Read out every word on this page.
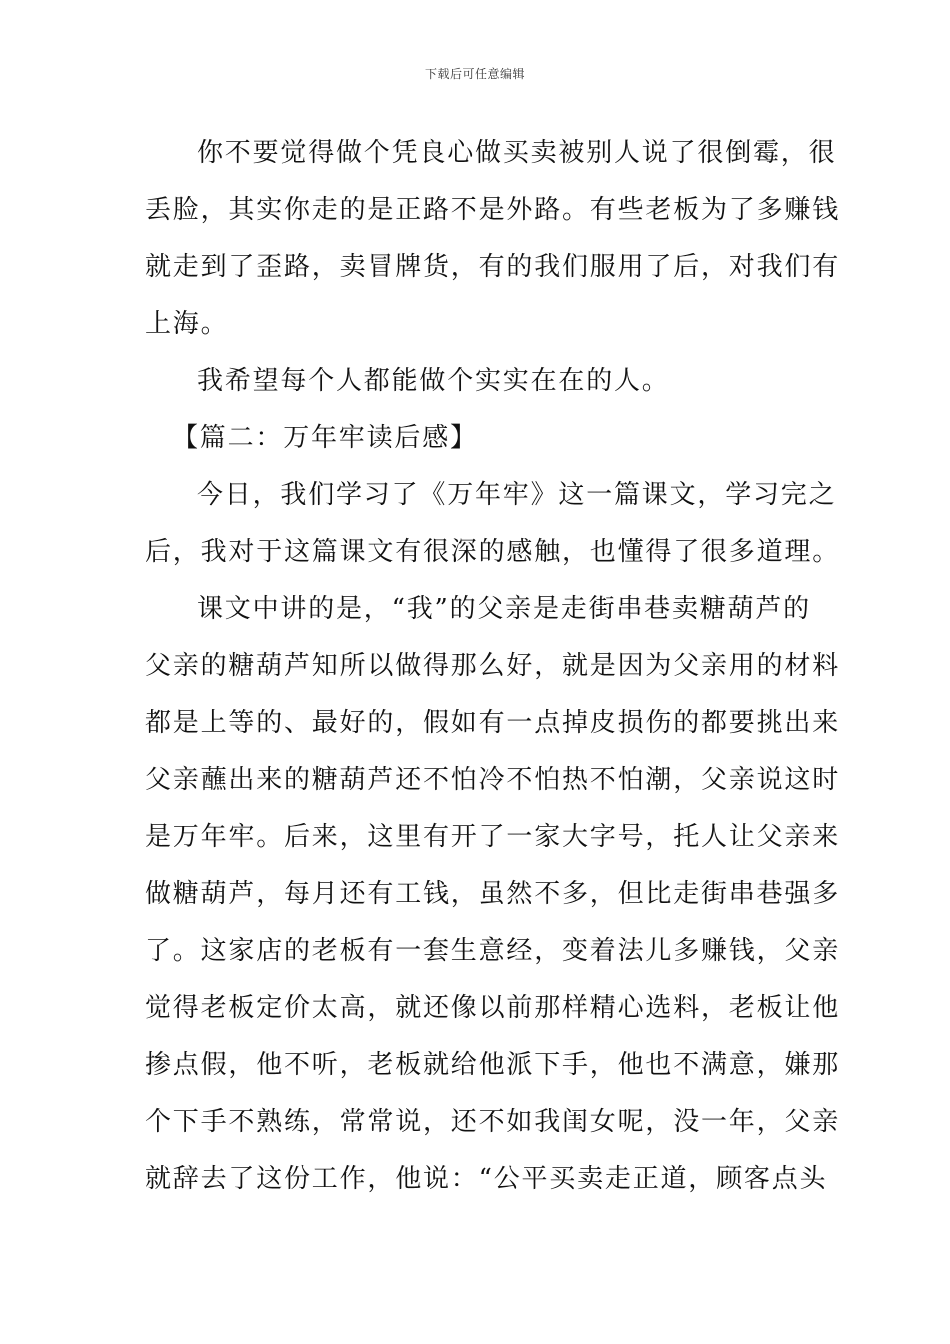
下载后可任意编辑
你不要觉得做个凭良心做买卖被别人说了很倒霉，很
丢脸，其实你走的是正路不是外路。有些老板为了多赚钱
就走到了歪路，卖冒牌货，有的我们服用了后，对我们有
上海。
我希望每个人都能做个实实在在的人。
【篇二：万年牢读后感】
今日，我们学习了《万年牢》这一篇课文，学习完之
后，我对于这篇课文有很深的感触，也懂得了很多道理。
课文中讲的是，“我”的父亲是走街串巷卖糖葫芦的
父亲的糖葫芦知所以做得那么好，就是因为父亲用的材料
都是上等的、最好的，假如有一点掉皮损伤的都要挑出来
父亲蘸出来的糖葫芦还不怕冷不怕热不怕潮，父亲说这时
是万年牢。后来，这里有开了一家大字号，托人让父亲来
做糖葫芦，每月还有工钱，虽然不多，但比走街串巷强多
了。这家店的老板有一套生意经，变着法儿多赚钱，父亲
觉得老板定价太高，就还像以前那样精心选料，老板让他
掺点假，他不听，老板就给他派下手，他也不满意，嫌那
个下手不熟练，常常说，还不如我闺女呢，没一年，父亲
就辞去了这份工作，他说：“公平买卖走正道，顾客点头
